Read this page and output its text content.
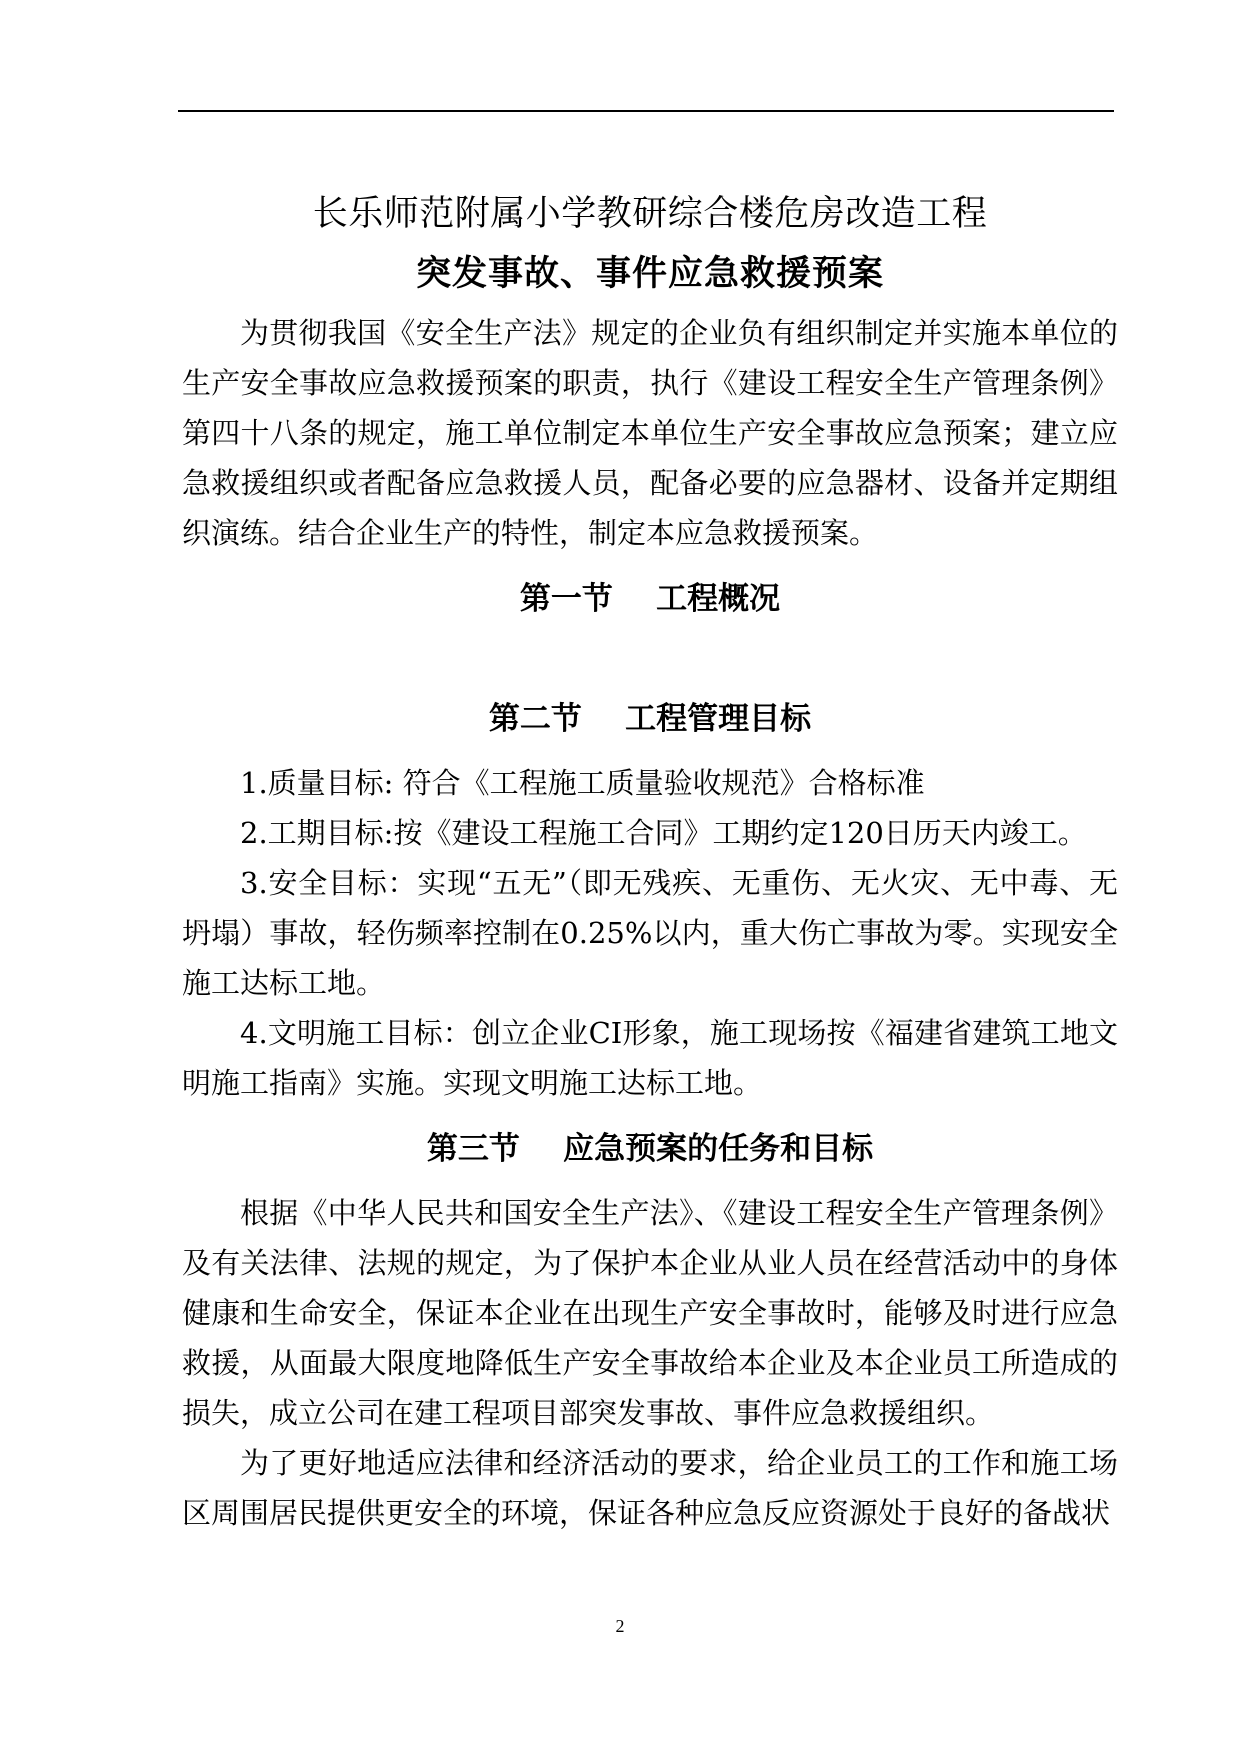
长乐师范附属小学教研综合楼危房改造工程
突发事故、事件应急救援预案

为贯彻我国《安全生产法》规定的企业负有组织制定并实施本单位的生产安全事故应急救援预案的职责，执行《建设工程安全生产管理条例》第四十八条的规定，施工单位制定本单位生产安全事故应急预案；建立应急救援组织或者配备应急救援人员，配备必要的应急器材、设备并定期组织演练。结合企业生产的特性，制定本应急救援预案。

第一节    工程概况
第二节    工程管理目标

1.质量目标: 符合《工程施工质量验收规范》合格标准

2.工期目标:按《建设工程施工合同》工期约定120日历天内竣工。

3.安全目标：实现“五无”（即无残疾、无重伤、无火灾、无中毒、无坍塌）事故，轻伤频率控制在0.25%以内，重大伤亡事故为零。实现安全施工达标工地。

4.文明施工目标：创立企业CI形象，施工现场按《福建省建筑工地文明施工指南》实施。实现文明施工达标工地。

第三节    应急预案的任务和目标

根据《中华人民共和国安全生产法》、《建设工程安全生产管理条例》及有关法律、法规的规定，为了保护本企业从业人员在经营活动中的身体健康和生命安全，保证本企业在出现生产安全事故时，能够及时进行应急救援，从面最大限度地降低生产安全事故给本企业及本企业员工所造成的损失，成立公司在建工程项目部突发事故、事件应急救援组织。

为了更好地适应法律和经济活动的要求，给企业员工的工作和施工场区周围居民提供更安全的环境，保证各种应急反应资源处于良好的备战状

2
